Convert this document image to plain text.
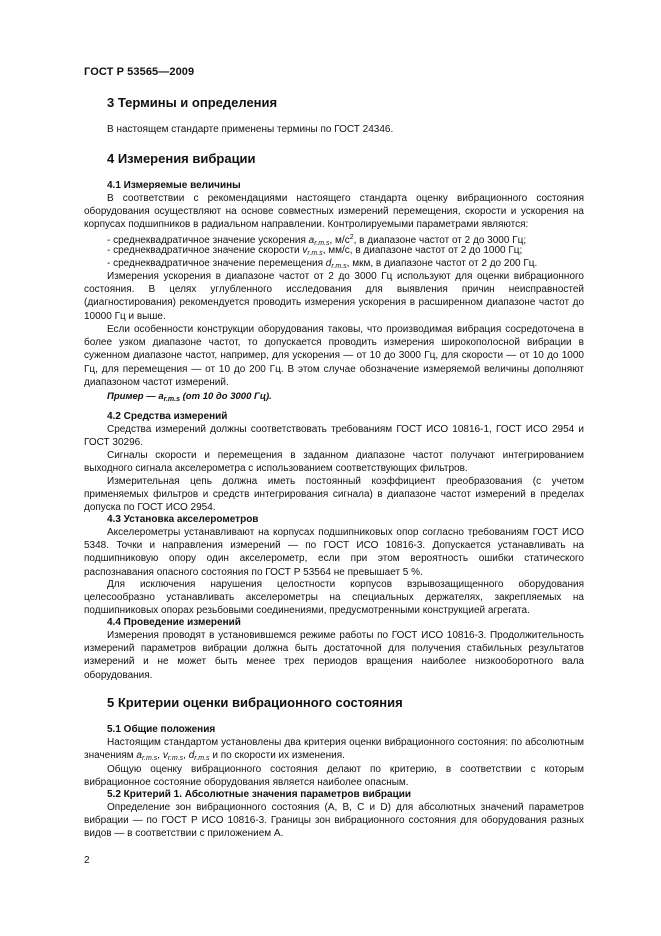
ГОСТ Р 53565—2009
3 Термины и определения

В настоящем стандарте применены термины по ГОСТ 24346.

4 Измерения вибрации
4.1 Измеряемые величины

В соответствии с рекомендациями настоящего стандарта оценку вибрационного состояния оборудования осуществляют на основе совместных измерений перемещения, скорости и ускорения на корпусах подшипников в радиальном направлении. Контролируемыми параметрами являются:

- среднеквадратичное значение ускорения $a_{r.m.s}$, $м/с^2$, в диапазоне частот от 2 до 3000 Гц;
- среднеквадратичное значение скорости $v_{r.m.s}$, мм/с, в диапазоне частот от 2 до 1000 Гц;
- среднеквадратичное значение перемещения $d_{r.m.s}$, мкм, в диапазоне частот от 2 до 200 Гц.

Измерения ускорения в диапазоне частот от 2 до 3000 Гц используют для оценки вибрационного состояния. В целях углубленного исследования для выявления причин неисправностей (диагностирования) рекомендуется проводить измерения ускорения в расширенном диапазоне частот до 10000 Гц и выше.

Если особенности конструкции оборудования таковы, что производимая вибрация сосредоточена в более узком диапазоне частот, то допускается проводить измерения широкополосной вибрации в суженном диапазоне частот, например, для ускорения — от 10 до 3000 Гц, для скорости — от 10 до 1000 Гц, для перемещения — от 10 до 200 Гц. В этом случае обозначение измеряемой величины дополняют диапазоном частот измерений.

Пример — $a_{r.m.s}$ (от 10 до 3000 Гц).
4.2 Средства измерений

Средства измерений должны соответствовать требованиям ГОСТ ИСО 10816-1, ГОСТ ИСО 2954 и ГОСТ 30296.

Сигналы скорости и перемещения в заданном диапазоне частот получают интегрированием выходного сигнала акселерометра с использованием соответствующих фильтров.

Измерительная цепь должна иметь постоянный коэффициент преобразования (с учетом применяемых фильтров и средств интегрирования сигнала) в диапазоне частот измерений в пределах допуска по ГОСТ ИСО 2954.

4.3 Установка акселерометров

Акселерометры устанавливают на корпусах подшипниковых опор согласно требованиям ГОСТ ИСО 5348. Точки и направления измерений — по ГОСТ ИСО 10816-3. Допускается устанавливать на подшипниковую опору один акселерометр, если при этом вероятность ошибки статического распознавания опасного состояния по ГОСТ Р 53564 не превышает 5 %.

Для исключения нарушения целостности корпусов взрывозащищенного оборудования целесообразно устанавливать акселерометры на специальных держателях, закрепляемых на подшипниковых опорах резьбовыми соединениями, предусмотренными конструкцией агрегата.

4.4 Проведение измерений

Измерения проводят в установившемся режиме работы по ГОСТ ИСО 10816-3. Продолжительность измерений параметров вибрации должна быть достаточной для получения стабильных результатов измерений и не может быть менее трех периодов вращения наиболее низкооборотного вала оборудования.

5 Критерии оценки вибрационного состояния
5.1 Общие положения

Настоящим стандартом установлены два критерия оценки вибрационного состояния: по абсолютным значениям $a_{r.m.s}$, $v_{r.m.s}$, $d_{r.m.s}$ и по скорости их изменения.

Общую оценку вибрационного состояния делают по критерию, в соответствии с которым вибрационное состояние оборудования является наиболее опасным.

5.2 Критерий 1. Абсолютные значения параметров вибрации

Определение зон вибрационного состояния (А, В, С и D) для абсолютных значений параметров вибрации — по ГОСТ Р ИСО 10816-3. Границы зон вибрационного состояния для оборудования разных видов — в соответствии с приложением А.

2
